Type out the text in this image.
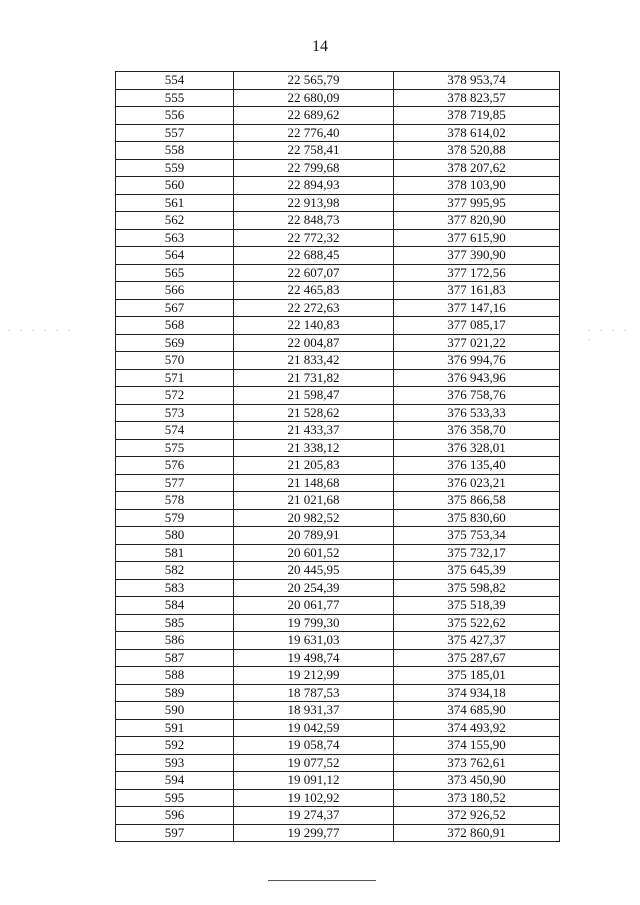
14
. . . . . .	. . . . .
554	22 565,79	378 953,74
555	22 680,09	378 823,57
556	22 689,62	378 719,85
557	22 776,40	378 614,02
558	22 758,41	378 520,88
559	22 799,68	378 207,62
560	22 894,93	378 103,90
561	22 913,98	377 995,95
562	22 848,73	377 820,90
563	22 772,32	377 615,90
564	22 688,45	377 390,90
565	22 607,07	377 172,56
566	22 465,83	377 161,83
567	22 272,63	377 147,16
568	22 140,83	377 085,17
569	22 004,87	377 021,22
570	21 833,42	376 994,76
571	21 731,82	376 943,96
572	21 598,47	376 758,76
573	21 528,62	376 533,33
574	21 433,37	376 358,70
575	21 338,12	376 328,01
576	21 205,83	376 135,40
577	21 148,68	376 023,21
578	21 021,68	375 866,58
579	20 982,52	375 830,60
580	20 789,91	375 753,34
581	20 601,52	375 732,17
582	20 445,95	375 645,39
583	20 254,39	375 598,82
584	20 061,77	375 518,39
585	19 799,30	375 522,62
586	19 631,03	375 427,37
587	19 498,74	375 287,67
588	19 212,99	375 185,01
589	18 787,53	374 934,18
590	18 931,37	374 685,90
591	19 042,59	374 493,92
592	19 058,74	374 155,90
593	19 077,52	373 762,61
594	19 091,12	373 450,90
595	19 102,92	373 180,52
596	19 274,37	372 926,52
597	19 299,77	372 860,91
